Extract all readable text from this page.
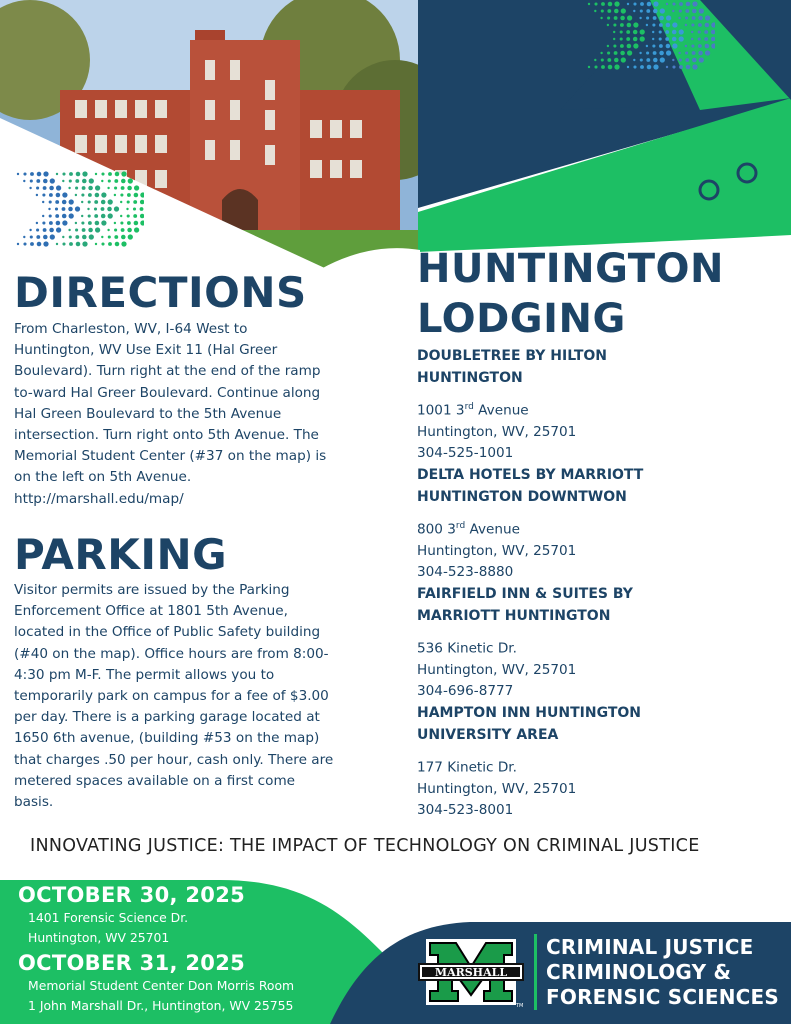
DIRECTIONS
From Charleston, WV, I-64 West to
Huntington, WV Use Exit 11 (Hal Greer
Boulevard). Turn right at the end of the ramp
to-ward Hal Greer Boulevard. Continue along
Hal Green Boulevard to the 5th Avenue
intersection. Turn right onto 5th Avenue. The
Memorial Student Center (#37 on the map) is
on the left on 5th Avenue.
http://marshall.edu/map/
PARKING
Visitor permits are issued by the Parking
Enforcement Office at 1801 5th Avenue,
located in the Office of Public Safety building
(#40 on the map). Office hours are from 8:00-
4:30 pm M-F. The permit allows you to
temporarily park on campus for a fee of $3.00
per day. There is a parking garage located at
1650 6th avenue, (building #53 on the map)
that charges .50 per hour, cash only. There are
metered spaces available on a first come
basis.
HUNTINGTON
LODGING
DOUBLETREE BY HILTON
HUNTINGTON
1001 3rd Avenue
Huntington, WV, 25701
304-525-1001
DELTA HOTELS BY MARRIOTT
HUNTINGTON DOWNTWON
800 3rd Avenue
Huntington, WV, 25701
304-523-8880
FAIRFIELD INN & SUITES BY
MARRIOTT HUNTINGTON
536 Kinetic Dr.
Huntington, WV, 25701
304-696-8777
HAMPTON INN HUNTINGTON
UNIVERSITY AREA
177 Kinetic Dr.
Huntington, WV, 25701
304-523-8001
INNOVATING JUSTICE: THE IMPACT OF TECHNOLOGY ON CRIMINAL JUSTICE
OCTOBER 30, 2025
1401 Forensic Science Dr.
Huntington, WV 25701
OCTOBER 31, 2025
Memorial Student Center Don Morris Room
1 John Marshall Dr., Huntington, WV 25755
MARSHALL
TM
CRIMINAL JUSTICE
CRIMINOLOGY &
FORENSIC SCIENCES
